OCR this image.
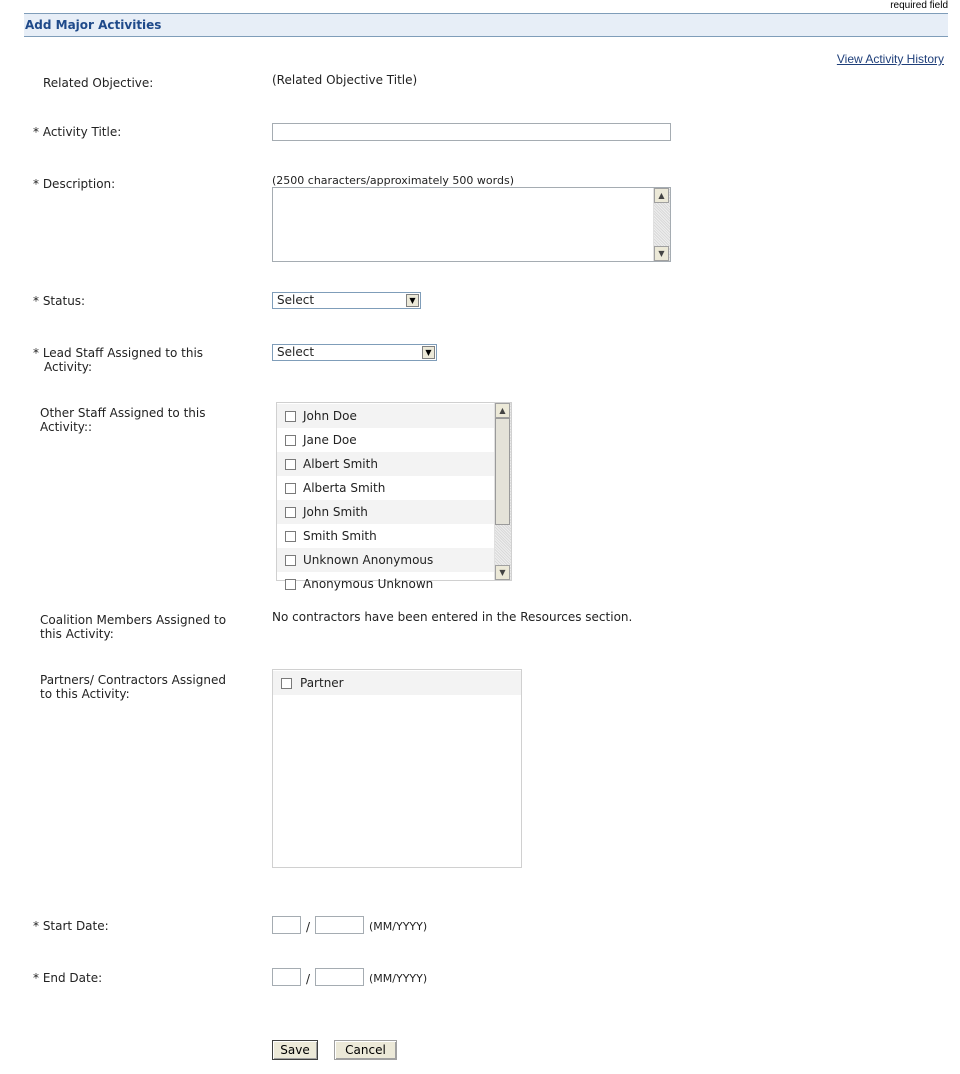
required field
Add Major Activities
View Activity History
Related Objective:	(Related Objective Title)
* Activity Title:
* Description:	(2500 characters/approximately 500 words)
▲
▼
* Status:	Select	▼
* Lead Staff Assigned to this
Activity:
Select	▼
Other Staff Assigned to this
Activity::
John Doe
Jane Doe
Albert Smith
Alberta Smith
John Smith
Smith Smith
Unknown Anonymous
Anonymous Unknown
▲
▼
Coalition Members Assigned to
this Activity:
No contractors have been entered in the Resources section.
Partners/ Contractors Assigned
to this Activity:
Partner
* Start Date:	/	(MM/YYYY)
* End Date:	/	(MM/YYYY)
Save	Cancel
